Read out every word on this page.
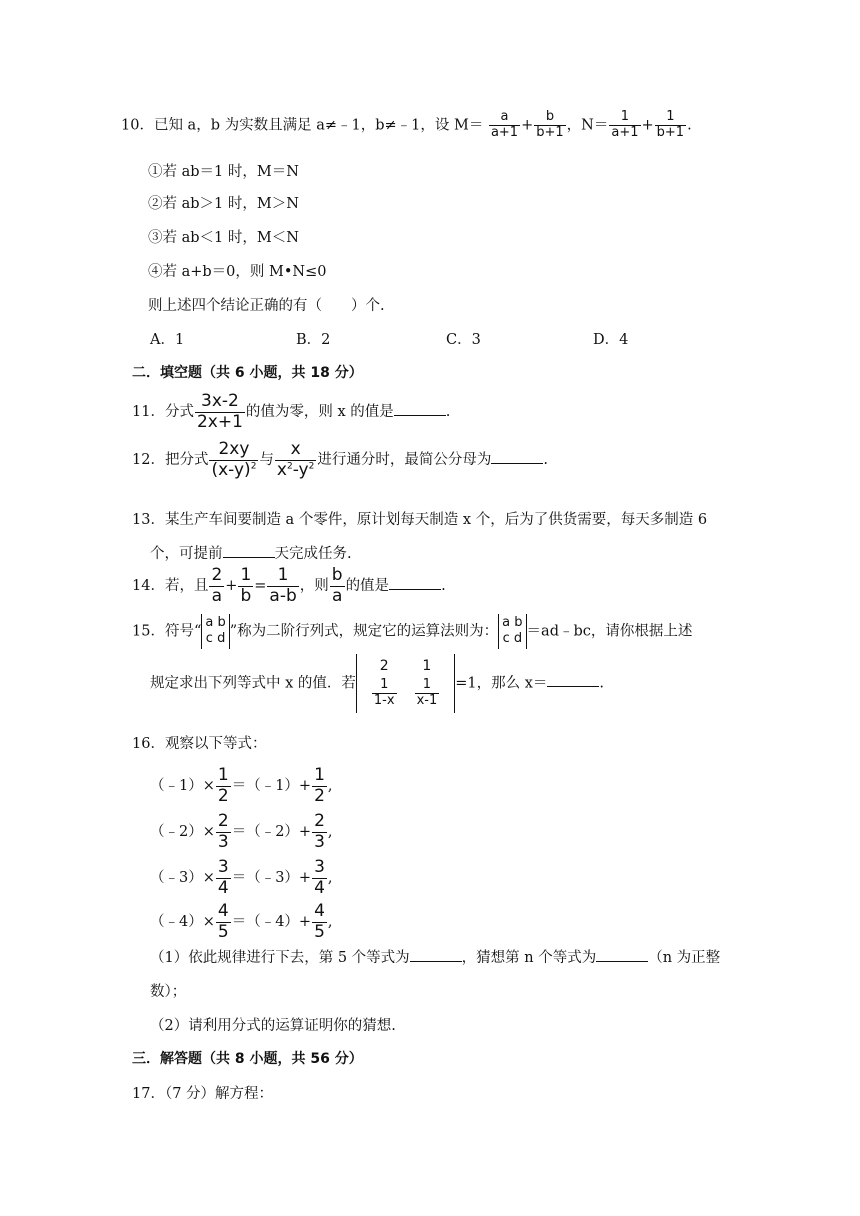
10．已知 a，b 为实数且满足 a≠﹣1，b≠﹣1，设 $M= \frac{a}{a+1} + \frac{b}{b+1}$ ，$N= \frac{1}{a+1} + \frac{1}{b+1}$ .
①若 ab＝1 时，M＝N
②若 ab＞1 时，M＞N
③若 ab＜1 时，M＜N
④若 a+b＝0，则 M•N≤0
则上述四个结论正确的有（　　）个.
A．1	B．2	C．3	D．4
二．填空题（共 6 小题，共 18 分）
11．分式 $\frac{3x-2}{2x+1}$ 的值为零，则 x 的值是	.
12．把分式 $\frac{2xy}{(x-y)^2}$ 与 $\frac{x}{x^2-y^2}$ 进行通分时，最简公分母为	.
13．某生产车间要制造 a 个零件，原计划每天制造 x 个，后为了供货需要，每天多制造 6
个，可提前	天完成任务.
14．若，且 $\frac{2}{a} + \frac{1}{b} = \frac{1}{a-b}$ ，则 $\frac{b}{a}$ 的值是	.
15．符号“
a b
c d ”称为二阶行列式，规定它的运算法则为：
a b
c d ＝ad﹣bc，请你根据上述
规定求出下列等式中 x 的值．若
2	1

$\frac{1}{1-x}$	$\frac{1}{x-1} =1$，那么 x＝	.
16．观察以下等式：
（﹣1）× $\frac{1}{2}$ ＝（﹣1）+ $\frac{1}{2}$ ,
（﹣2）× $\frac{2}{3}$ ＝（﹣2）+ $\frac{2}{3}$ ,
（﹣3）× $\frac{3}{4}$ ＝（﹣3）+ $\frac{3}{4}$ ,
（﹣4）× $\frac{4}{5}$ ＝（﹣4）+ $\frac{4}{5}$ ,
（1）依此规律进行下去，第 5 个等式为	，猜想第 n 个等式为	（n 为正整
数）；
（2）请利用分式的运算证明你的猜想.
三．解答题（共 8 小题，共 56 分）
17．（7 分）解方程：
